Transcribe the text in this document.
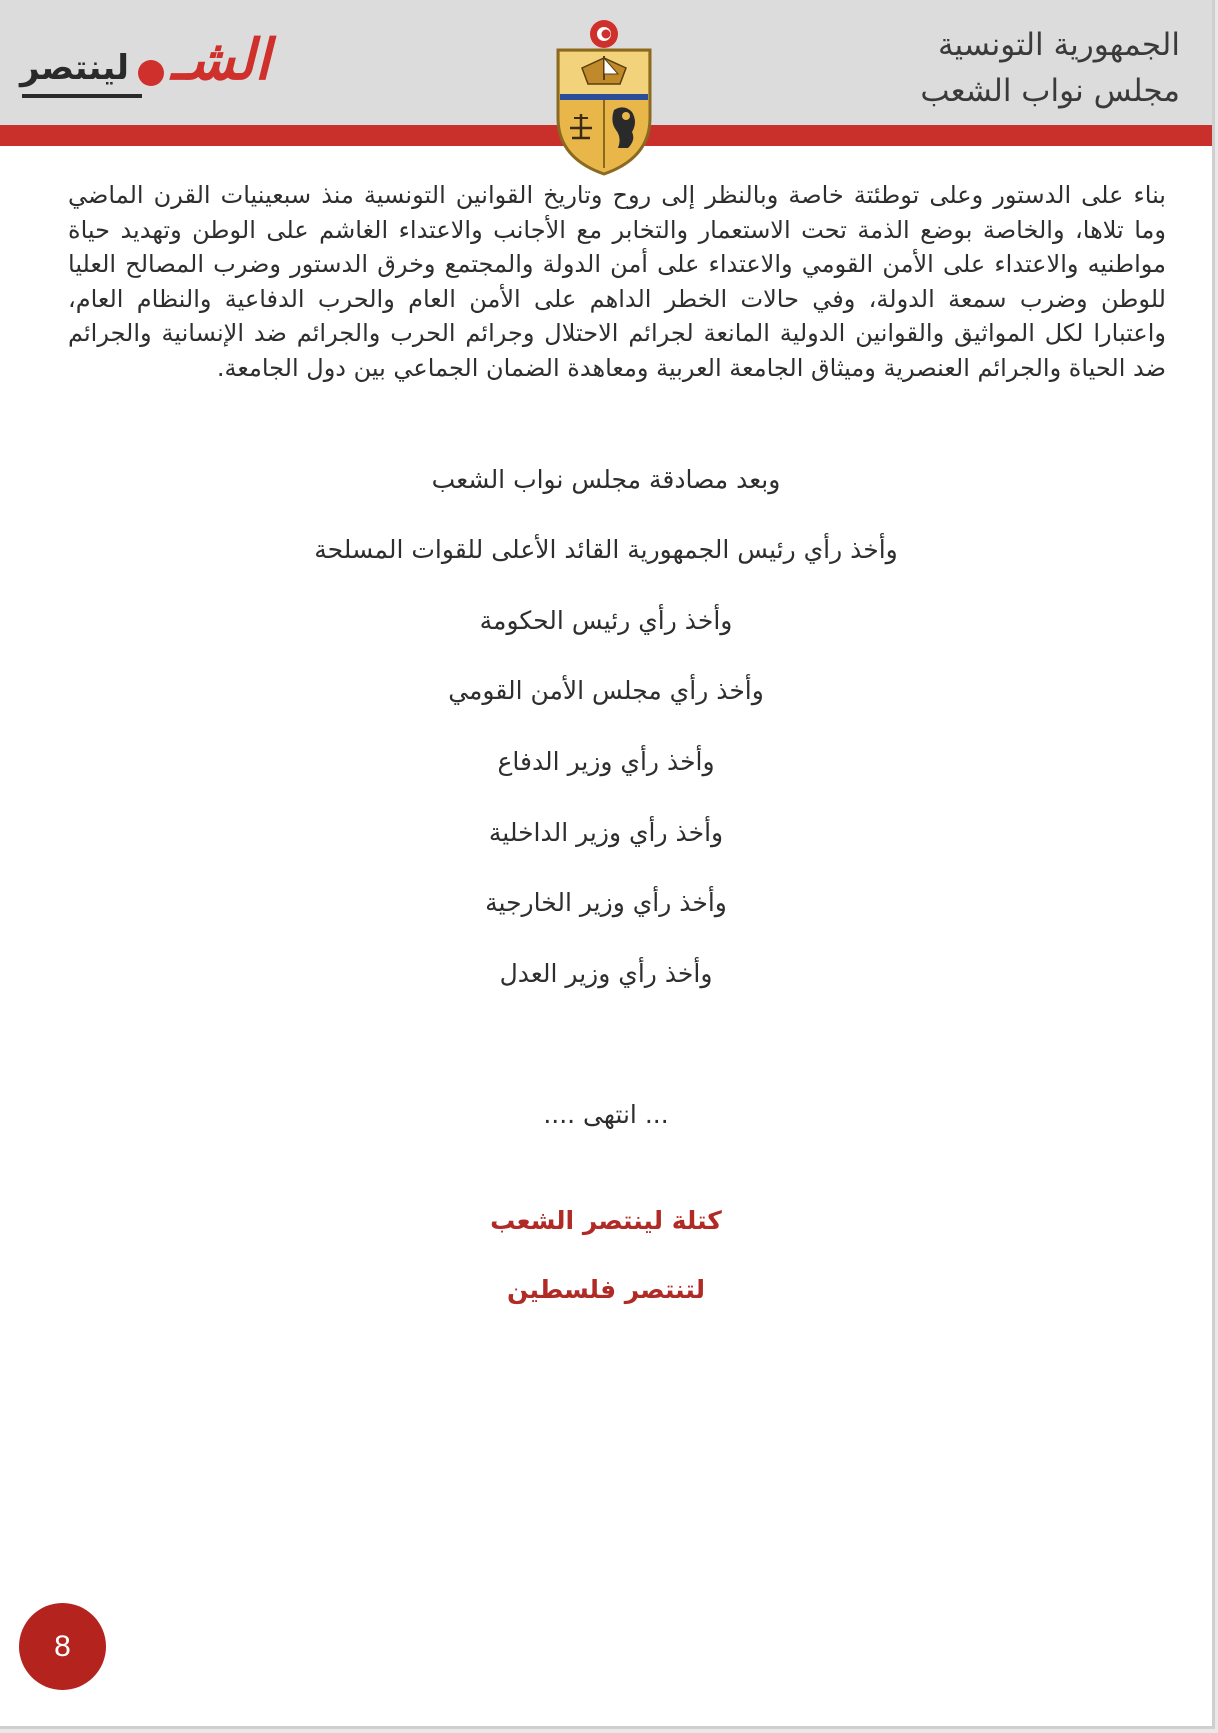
الجمهورية التونسية
مجلس نواب الشعب
الشـ
لينتصر
بناء على الدستور وعلى توطئتة خاصة وبالنظر إلى روح وتاريخ القوانين التونسية منذ سبعينيات القرن الماضي وما تلاها، والخاصة بوضع الذمة تحت الاستعمار والتخابر مع الأجانب والاعتداء الغاشم على الوطن وتهديد حياة مواطنيه والاعتداء على الأمن القومي والاعتداء على أمن الدولة والمجتمع وخرق الدستور وضرب المصالح العليا للوطن وضرب سمعة الدولة، وفي حالات الخطر الداهم على الأمن العام والحرب الدفاعية والنظام العام، واعتبارا لكل المواثيق والقوانين الدولية المانعة لجرائم الاحتلال وجرائم الحرب والجرائم ضد الإنسانية والجرائم ضد الحياة والجرائم العنصرية وميثاق الجامعة العربية ومعاهدة الضمان الجماعي بين دول الجامعة.
وبعد مصادقة مجلس نواب الشعب
وأخذ رأي رئيس الجمهورية القائد الأعلى للقوات المسلحة
وأخذ رأي رئيس الحكومة
وأخذ رأي مجلس الأمن القومي
وأخذ رأي وزير الدفاع
وأخذ رأي وزير الداخلية
وأخذ رأي وزير الخارجية
وأخذ رأي وزير العدل
... انتهى ....
كتلة لينتصر الشعب
لتنتصر فلسطين
8
